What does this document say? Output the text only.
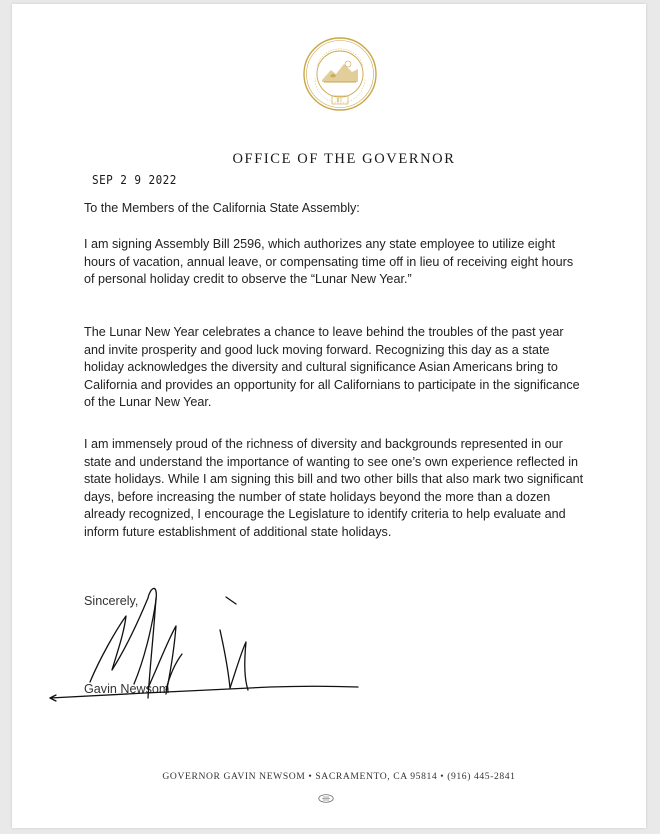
OFFICE OF THE GOVERNOR
SEP 2 9 2022

To the Members of the California State Assembly:

I am signing Assembly Bill 2596, which authorizes any state employee to utilize eight hours of vacation, annual leave, or compensating time off in lieu of receiving eight hours of personal holiday credit to observe the “Lunar New Year.”

The Lunar New Year celebrates a chance to leave behind the troubles of the past year and invite prosperity and good luck moving forward. Recognizing this day as a state holiday acknowledges the diversity and cultural significance Asian Americans bring to California and provides an opportunity for all Californians to participate in the significance of the Lunar New Year.

I am immensely proud of the richness of diversity and backgrounds represented in our state and understand the importance of wanting to see one’s own experience reflected in state holidays. While I am signing this bill and two other bills that also mark two significant days, before increasing the number of state holidays beyond the more than a dozen already recognized, I encourage the Legislature to identify criteria to help evaluate and inform future establishment of additional state holidays.

Sincerely,
Gavin Newsom
GOVERNOR GAVIN NEWSOM • SACRAMENTO, CA 95814 • (916) 445-2841
